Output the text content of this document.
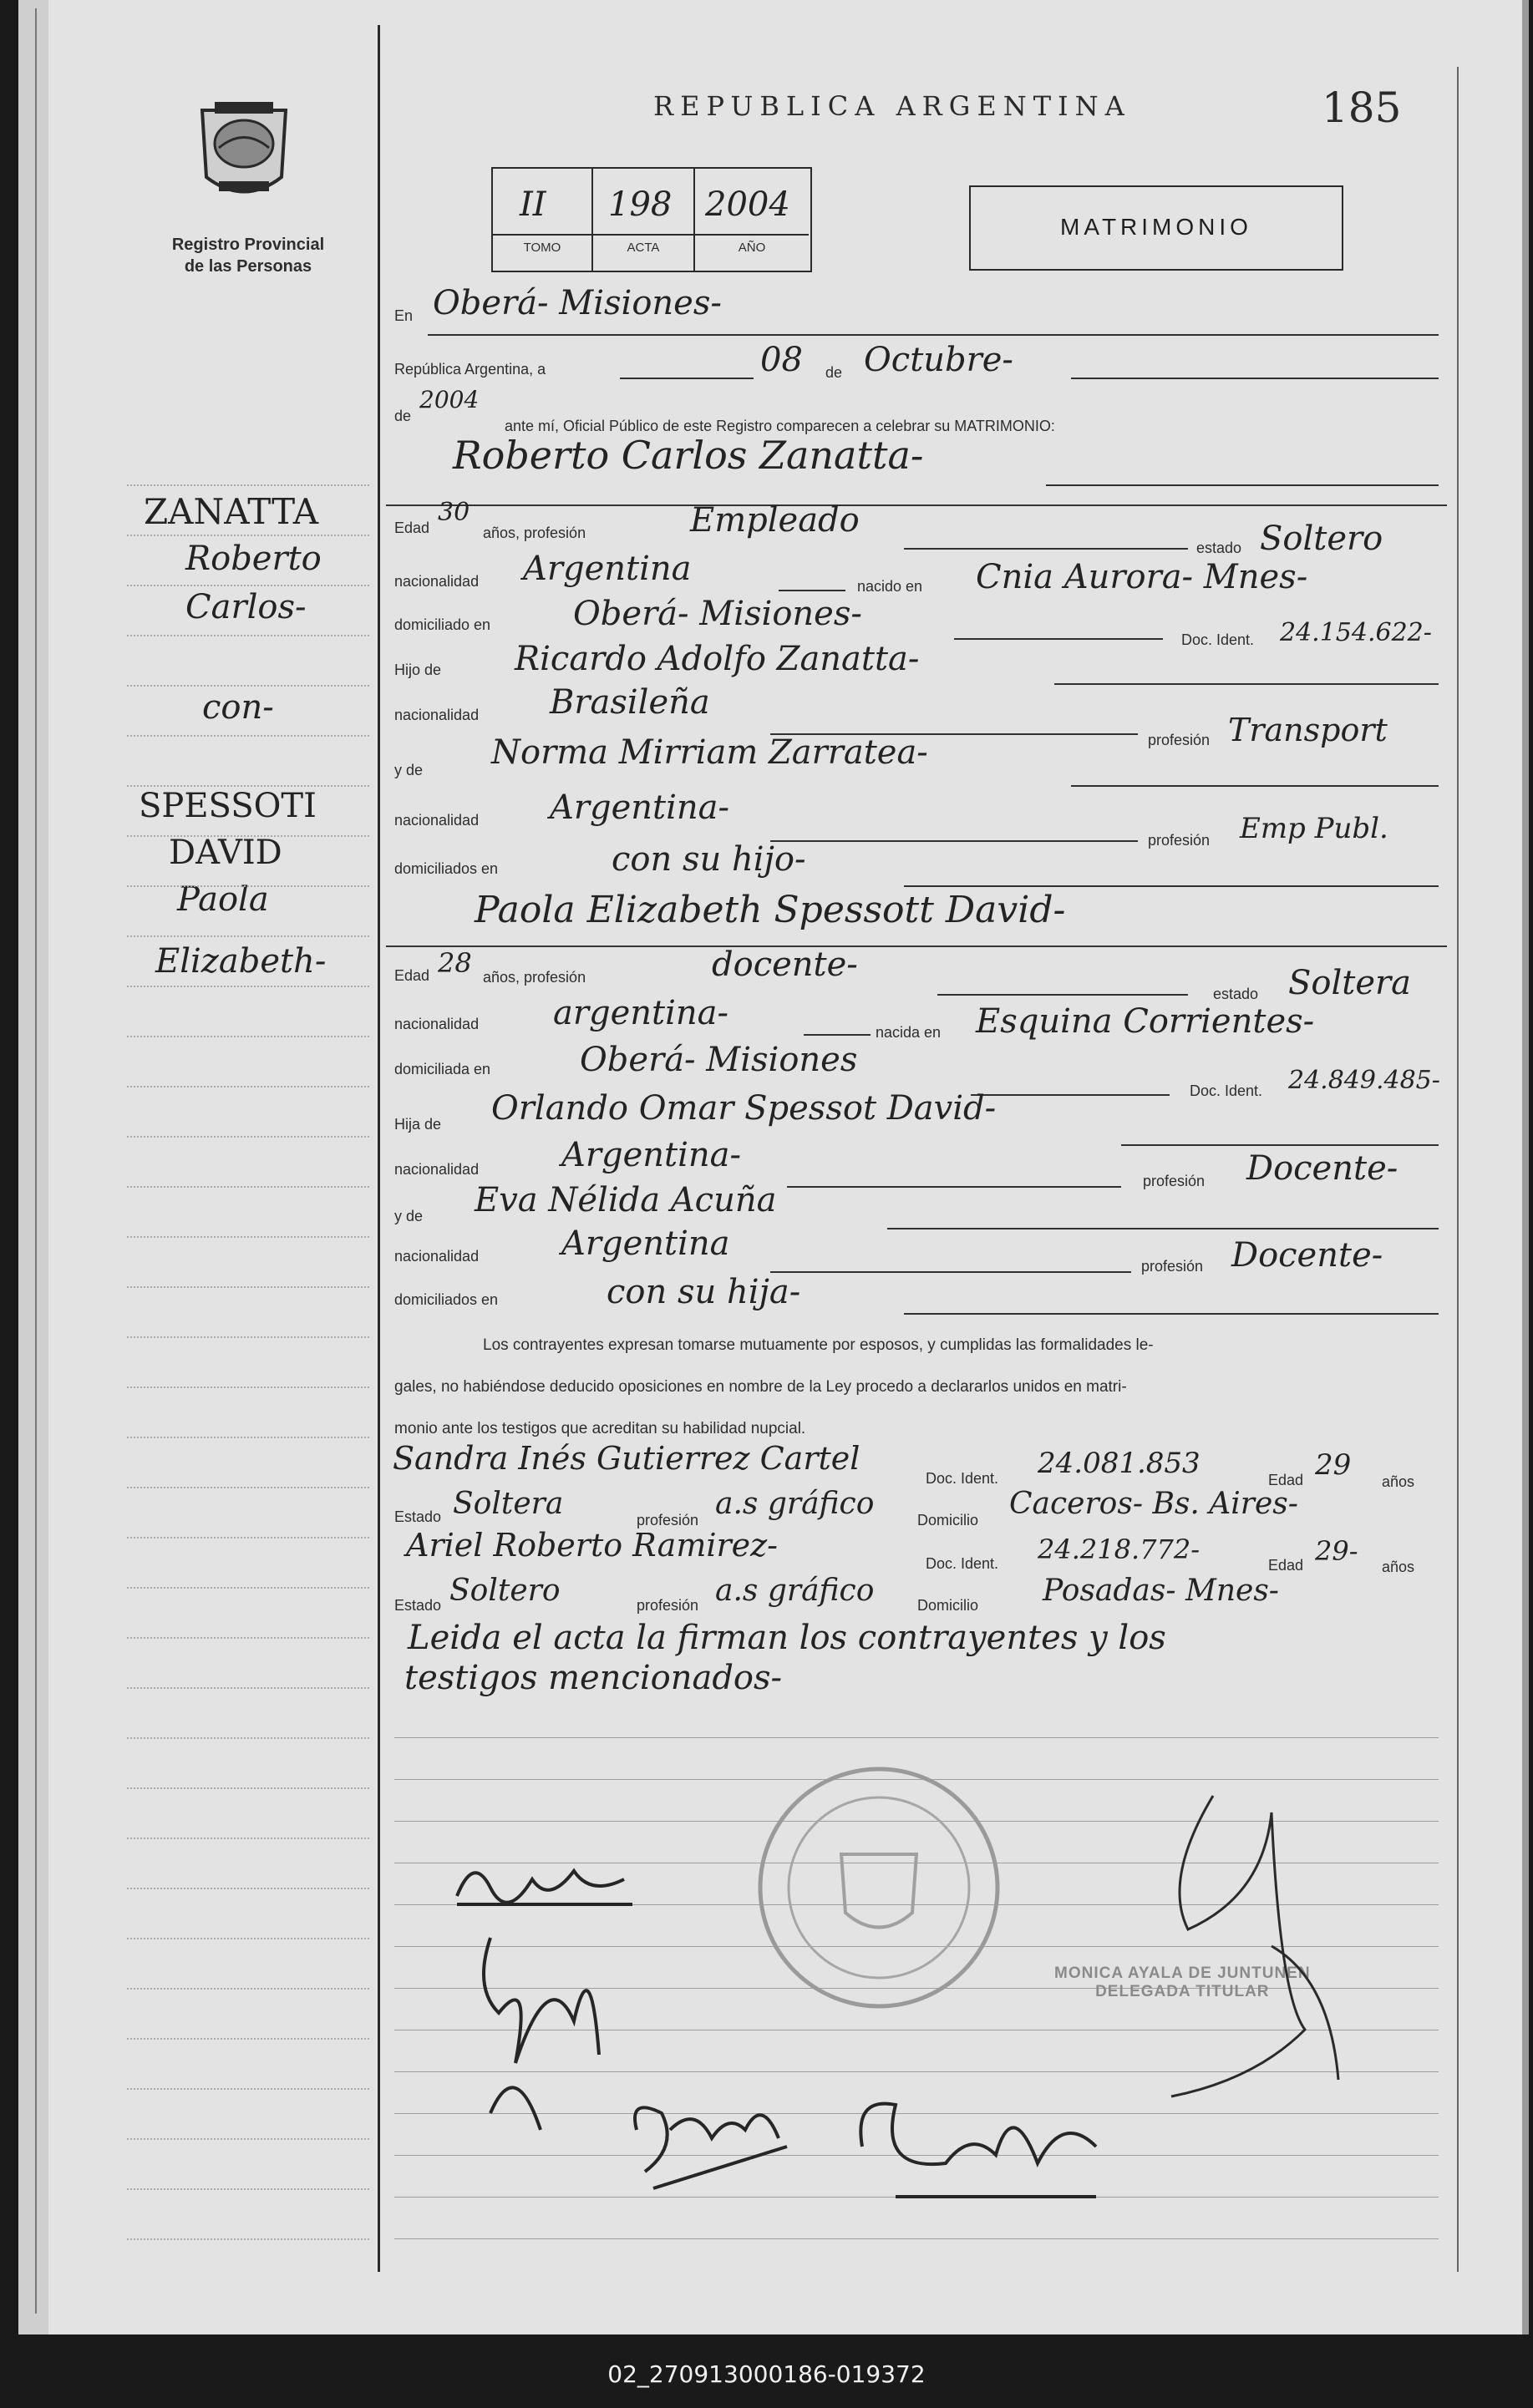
Registro Provincial
de las Personas
REPUBLICA ARGENTINA	185
II 198 2004
TOMO	ACTA	AÑO
MATRIMONIO
En Oberá- Misiones-
República Argentina, a	08 de Octubre-
de
2004
ante mí, Oficial Público de este Registro comparecen a celebrar su MATRIMONIO:
Roberto Carlos Zanatta-
Edad
30
años, profesión	Empleado
estado Soltero
nacionalidad Argentina	nacido en Cnia Aurora- Mnes-
domiciliado en Oberá- Misiones-
Doc. Ident. 24.154.622-
Hijo de Ricardo Adolfo Zanatta-
nacionalidad Brasileña
profesión Transport
y de Norma Mirriam Zarratea-
nacionalidad Argentina-
profesión Emp Publ.
domiciliados en	con su hijo-
Paola Elizabeth Spessott David-
Edad 28 años, profesión	docente-
estado Soltera
nacionalidad argentina-	nacida en Esquina Corrientes-
domiciliada en	Oberá- Misiones
Doc. Ident. 24.849.485-
Hija de Orlando Omar Spessot David-
nacionalidad Argentina-
profesión Docente-
y de Eva Nélida Acuña
nacionalidad Argentina
profesión Docente-
domiciliados en	con su hija-
Los contrayentes expresan tomarse mutuamente por esposos, y cumplidas las formalidades le-
gales, no habiéndose deducido oposiciones en nombre de la Ley procedo a declararlos unidos en matri-
monio ante los testigos que acreditan su habilidad nupcial.
Sandra Inés Gutierrez Cartel
Doc. Ident. 24.081.853	Edad 29 años
Estado Soltera	profesión a.s gráfico	Domicilio Caceros- Bs. Aires-
Ariel Roberto Ramirez-	Doc. Ident. 24.218.772-	Edad 29- años
Estado Soltero	profesión a.s gráfico	Domicilio Posadas- Mnes-
Leida el acta la firman los contrayentes y los
testigos mencionados-
MONICA AYALA DE JUNTUNEN
DELEGADA TITULAR
ZANATTA
Roberto
Carlos-
con-
SPESSOTI
DAVID
Paola
Elizabeth-
02_270913000186-019372
